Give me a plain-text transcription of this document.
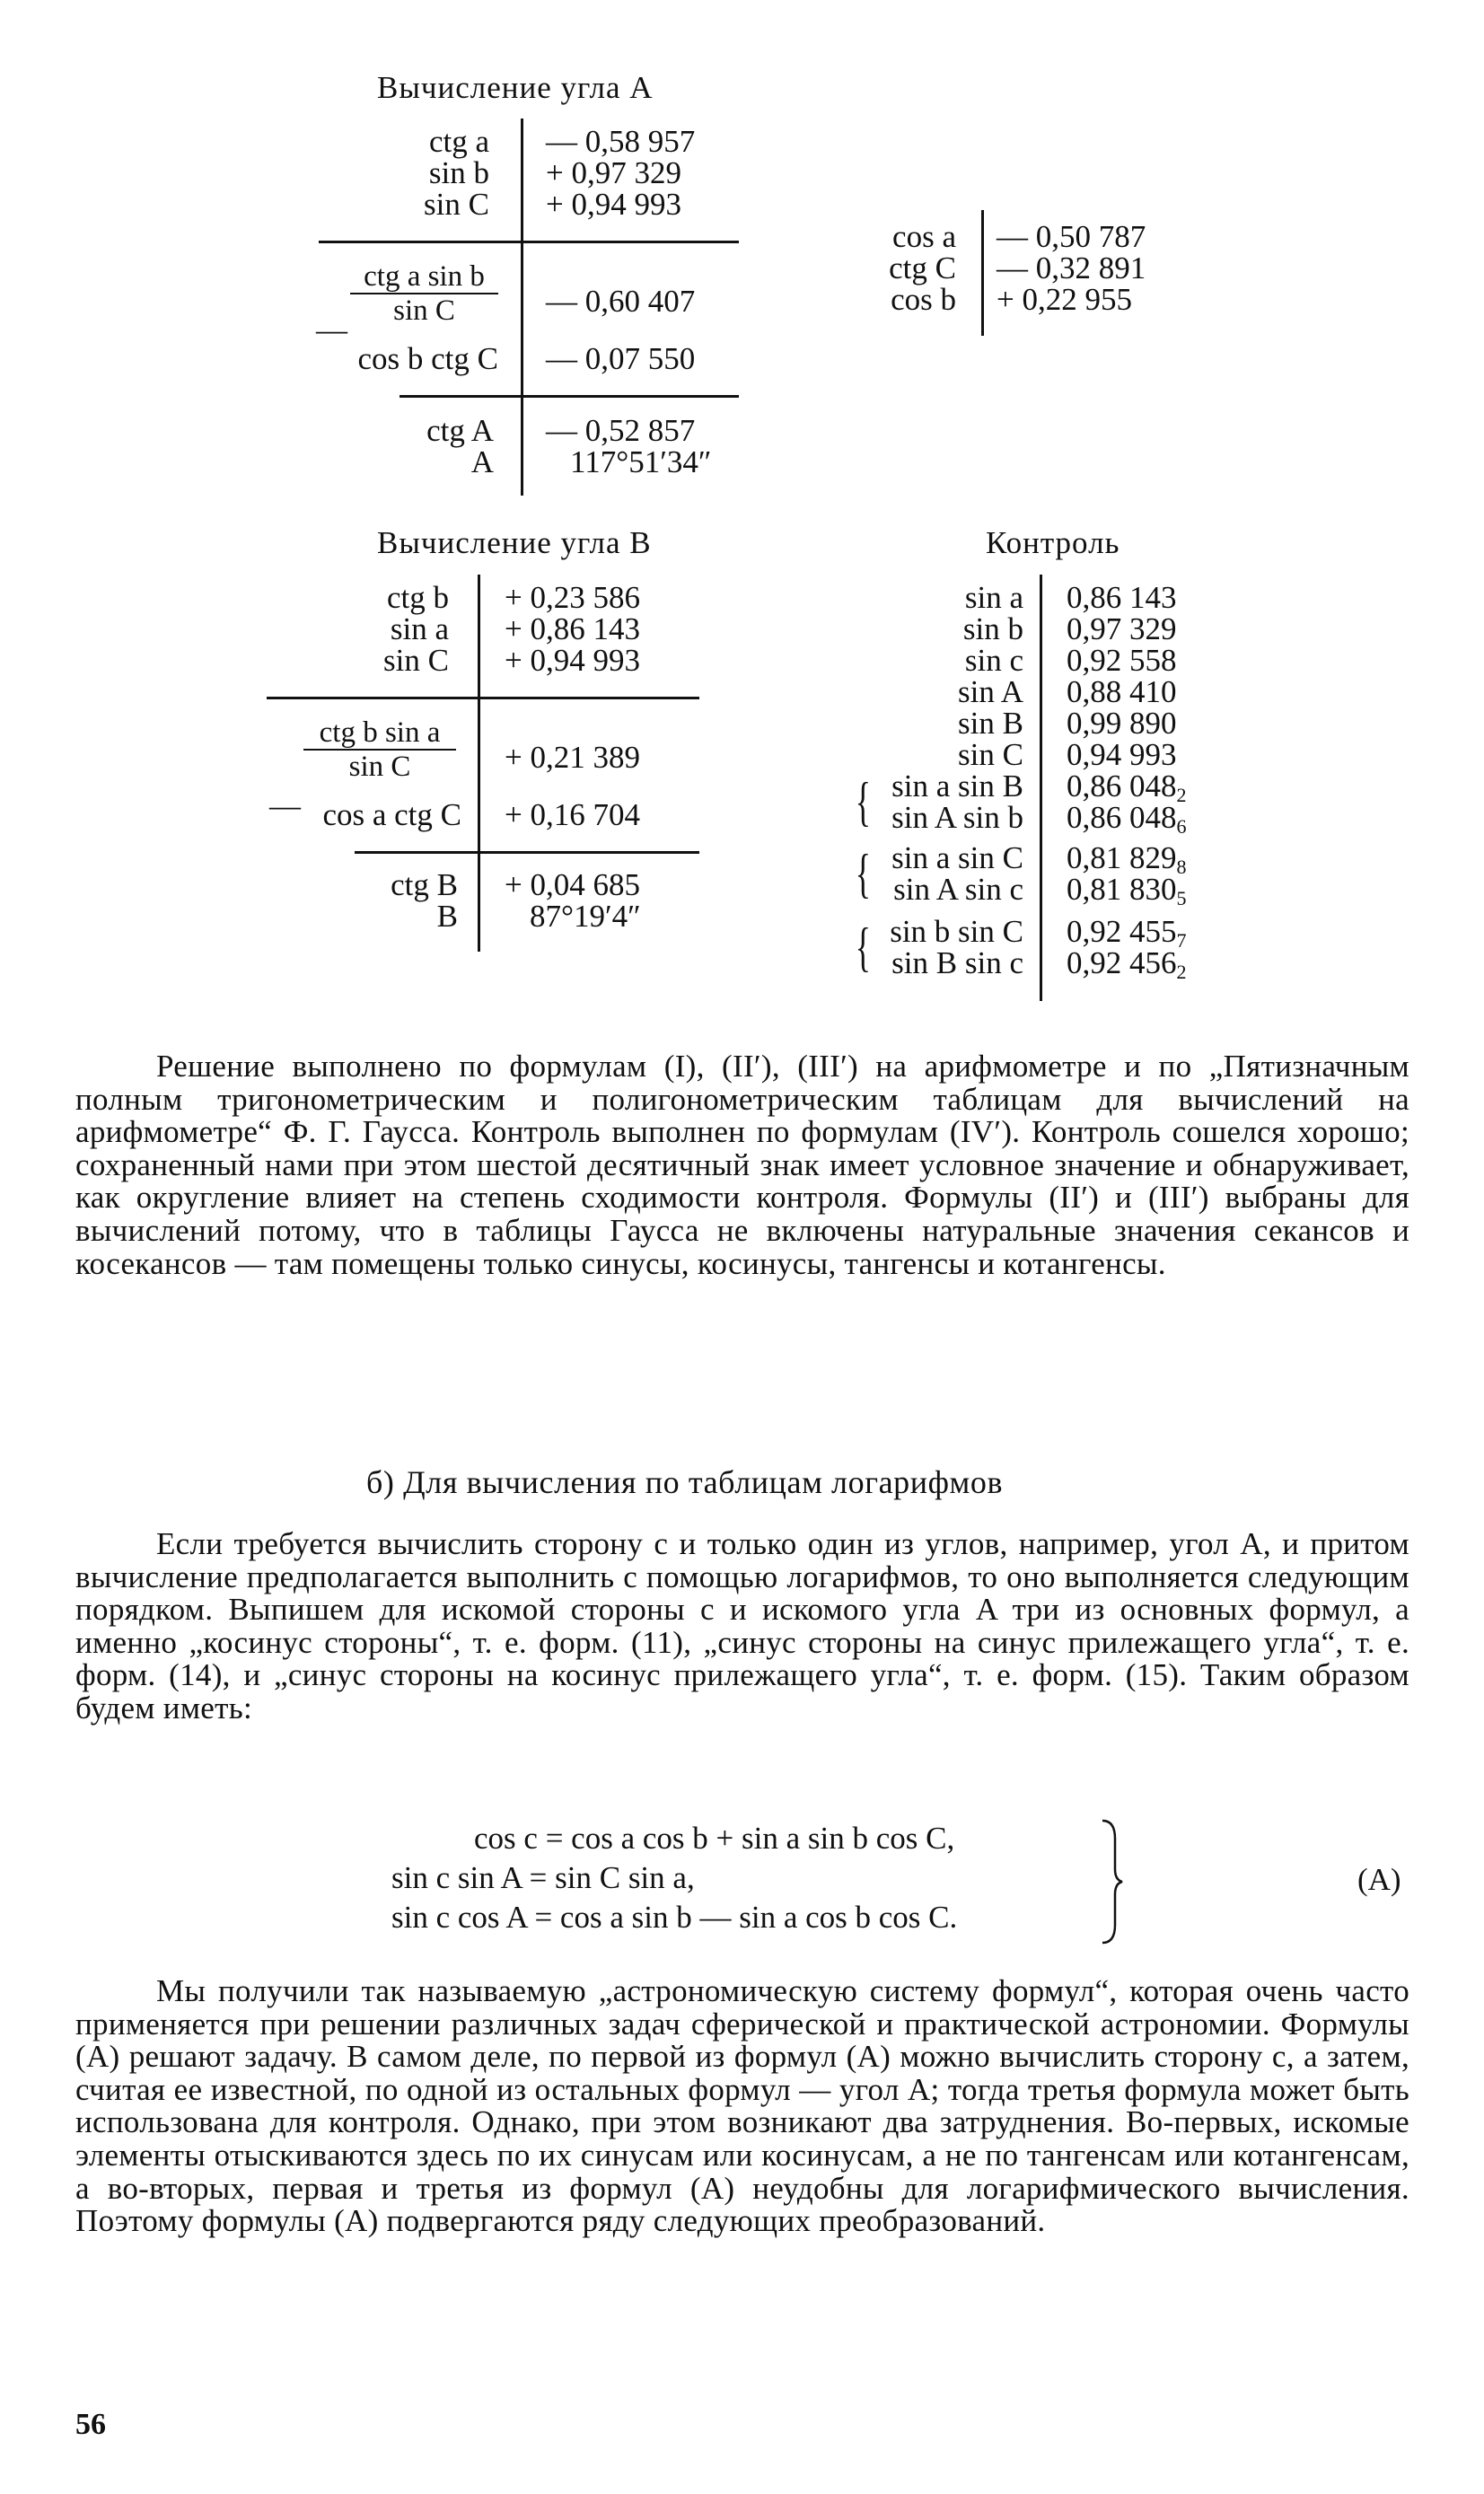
Вычисление угла A
ctg a — 0,58 957
sin b + 0,97 329
sin C + 0,94 993
ctg a sin b
sin C
—
— 0,60 407
cos b ctg C — 0,07 550
ctg A — 0,52 857
A 117°51′34″
cos a — 0,50 787
ctg C — 0,32 891
cos b + 0,22 955
Вычисление угла B
ctg b + 0,23 586
sin a + 0,86 143
sin C + 0,94 993
ctg b sin a
sin C
—
+ 0,21 389
cos a ctg C + 0,16 704
ctg B + 0,04 685
B 87°19′4″
Контроль
sin a 0,86 143
sin b 0,97 329
sin c 0,92 558
sin A 0,88 410
sin B 0,99 890
sin C 0,94 993
{ sin a sin B 0,86 $048_2$
sin A sin b 0,86 $048_6$
{ sin a sin C 0,81 $829_8$
sin A sin c 0,81 $830_5$
{ sin b sin C 0,92 $455_7$
sin B sin c 0,92 $456_2$

Решение выполнено по формулам (I), (II′), (III′) на арифмометре и по „Пятизначным полным тригонометрическим и полигонометрическим таблицам для вычислений на арифмометре“ Ф. Г. Гаусса. Контроль выполнен по формулам (IV′). Контроль сошелся хорошо; сохраненный нами при этом шестой десятичный знак имеет условное значение и обнаруживает, как округление влияет на степень сходимости контроля. Формулы (II′) и (III′) выбраны для вычислений потому, что в таблицы Гаусса не включены натуральные значения секансов и косекансов — там помещены только синусы, косинусы, тангенсы и котангенсы.

б) Для вычисления по таблицам логарифмов

Если требуется вычислить сторону c и только один из углов, например, угол A, и притом вычисление предполагается выполнить с помощью логарифмов, то оно выполняется следующим порядком. Выпишем для искомой стороны c и искомого угла A три из основных формул, а именно „косинус стороны“, т. е. форм. (11), „синус стороны на синус прилежащего угла“, т. е. форм. (14), и „синус стороны на косинус прилежащего угла“, т. е. форм. (15). Таким образом будем иметь:

cos c = cos a cos b + sin a sin b cos C,
sin c sin A = sin C sin a,
sin c cos A = cos a sin b — sin a cos b cos C.
(A)

Мы получили так называемую „астрономическую систему формул“, которая очень часто применяется при решении различных задач сферической и практической астрономии. Формулы (A) решают задачу. В самом деле, по первой из формул (A) можно вычислить сторону c, а затем, считая ее известной, по одной из остальных формул — угол A; тогда третья формула может быть использована для контроля. Однако, при этом возникают два затруднения. Во-первых, искомые элементы отыскиваются здесь по их синусам или косинусам, а не по тангенсам или котангенсам, а во-вторых, первая и третья из формул (A) неудобны для логарифмического вычисления. Поэтому формулы (A) подвергаются ряду следующих преобразований.

56
